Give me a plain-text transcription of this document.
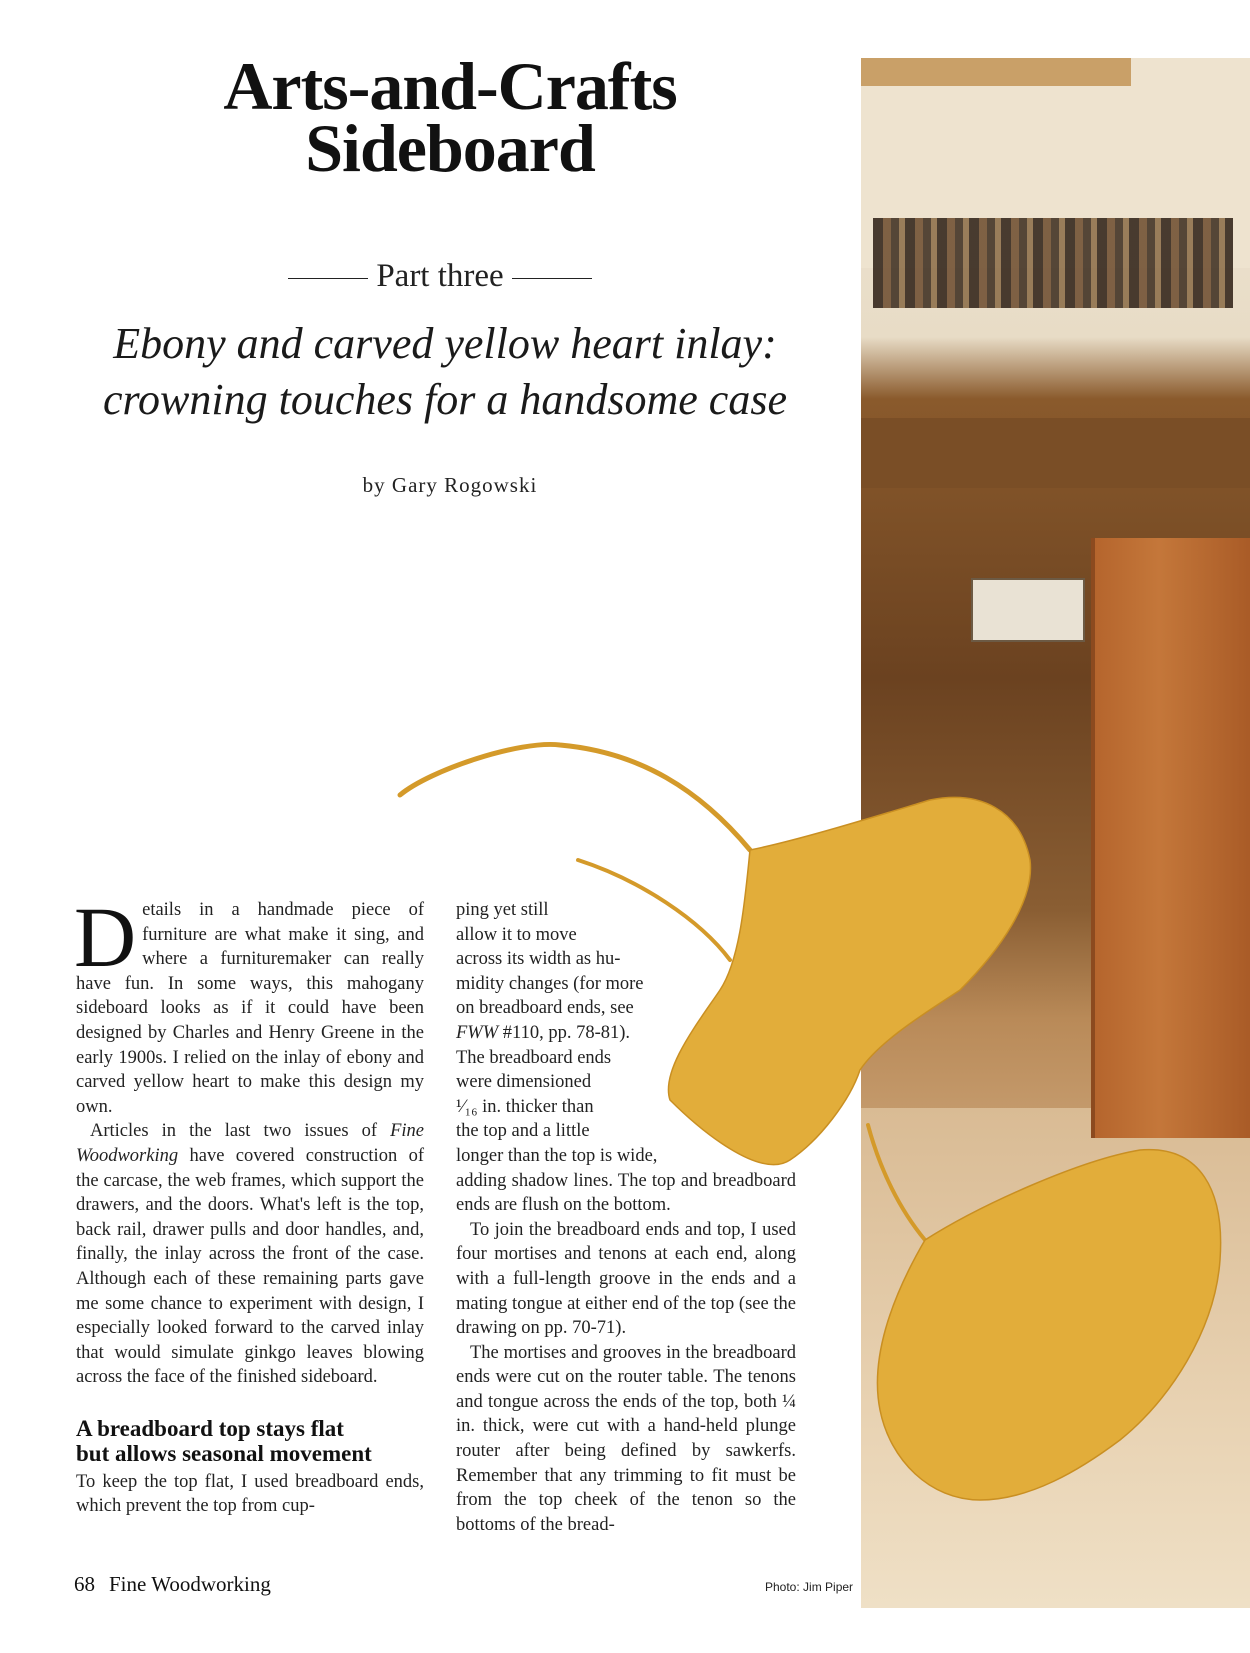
Arts-and-Crafts
Sideboard
Part three
Ebony and carved yellow heart inlay:
crowning touches for a handsome case
by Gary Rogowski

Details in a handmade piece of furniture are what make it sing, and where a furnituremaker can really have fun. In some ways, this mahogany sideboard looks as if it could have been designed by Charles and Henry Greene in the early 1900s. I relied on the inlay of ebony and carved yellow heart to make this design my own.

Articles in the last two issues of Fine Woodworking have covered construction of the carcase, the web frames, which support the drawers, and the doors. What's left is the top, back rail, drawer pulls and door handles, and, finally, the inlay across the front of the case. Although each of these remaining parts gave me some chance to experiment with design, I especially looked forward to the carved inlay that would simulate ginkgo leaves blowing across the face of the finished sideboard.

A breadboard top stays flat
but allows seasonal movement

To keep the top flat, I used breadboard ends, which prevent the top from cup-

ping yet still
allow it to move
across its width as hu-
midity changes (for more
on breadboard ends, see
FWW #110, pp. 78-81).
The breadboard ends
were dimensioned
¹⁄₁₆ in. thicker than
the top and a little
longer than the top is wide,

adding shadow lines. The top and breadboard ends are flush on the bottom.

To join the breadboard ends and top, I used four mortises and tenons at each end, along with a full-length groove in the ends and a mating tongue at either end of the top (see the drawing on pp. 70-71).

The mortises and grooves in the breadboard ends were cut on the router table. The tenons and tongue across the ends of the top, both ¼ in. thick, were cut with a hand-held plunge router after being defined by sawkerfs. Remember that any trimming to fit must be from the top cheek of the tenon so the bottoms of the bread-

68 Fine Woodworking	Photo: Jim Piper
